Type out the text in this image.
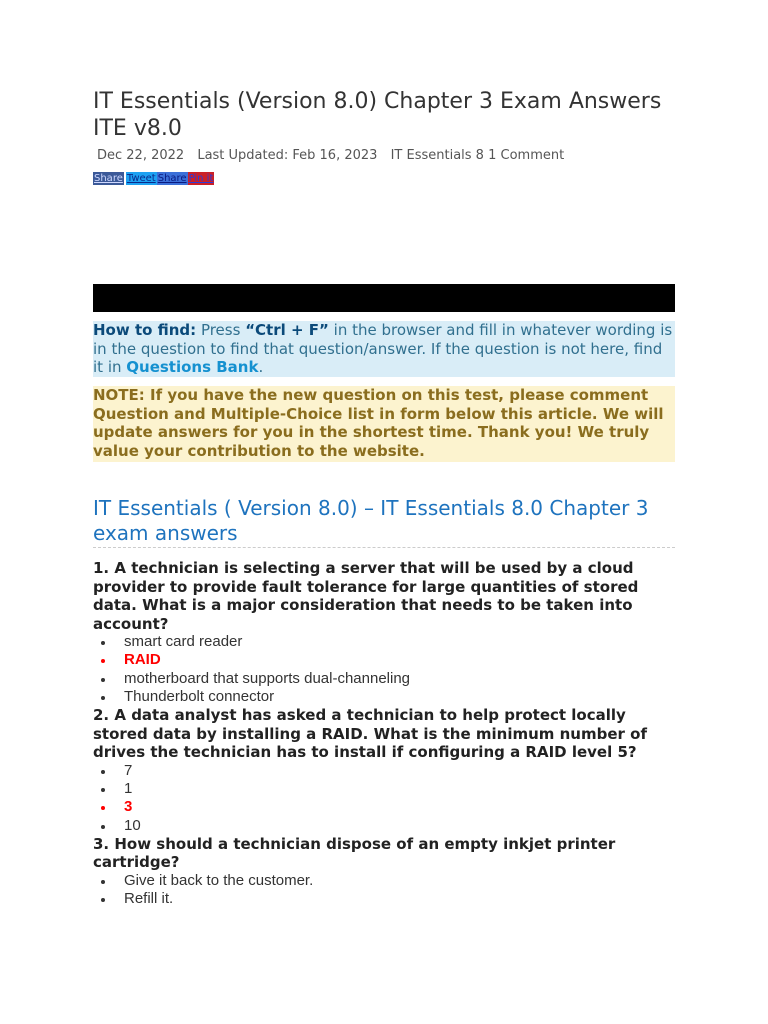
IT Essentials (Version 8.0) Chapter 3 Exam Answers ITE v8.0
Dec 22, 2022 Last Updated: Feb 16, 2023 IT Essentials 8 1 Comment
Share Tweet Share Pin it
How to find: Press “Ctrl + F” in the browser and fill in whatever wording is in the question to find that question/answer. If the question is not here, find it in Questions Bank.
NOTE: If you have the new question on this test, please comment Question and Multiple-Choice list in form below this article. We will update answers for you in the shortest time. Thank you! We truly value your contribution to the website.
IT Essentials ( Version 8.0) – IT Essentials 8.0 Chapter 3 exam answers

1. A technician is selecting a server that will be used by a cloud provider to provide fault tolerance for large quantities of stored data. What is a major consideration that needs to be taken into account?

smart card reader
RAID
motherboard that supports dual-channeling
Thunderbolt connector

2. A data analyst has asked a technician to help protect locally stored data by installing a RAID. What is the minimum number of drives the technician has to install if configuring a RAID level 5?

7
1
3
10

3. How should a technician dispose of an empty inkjet printer cartridge?

Give it back to the customer.
Refill it.
